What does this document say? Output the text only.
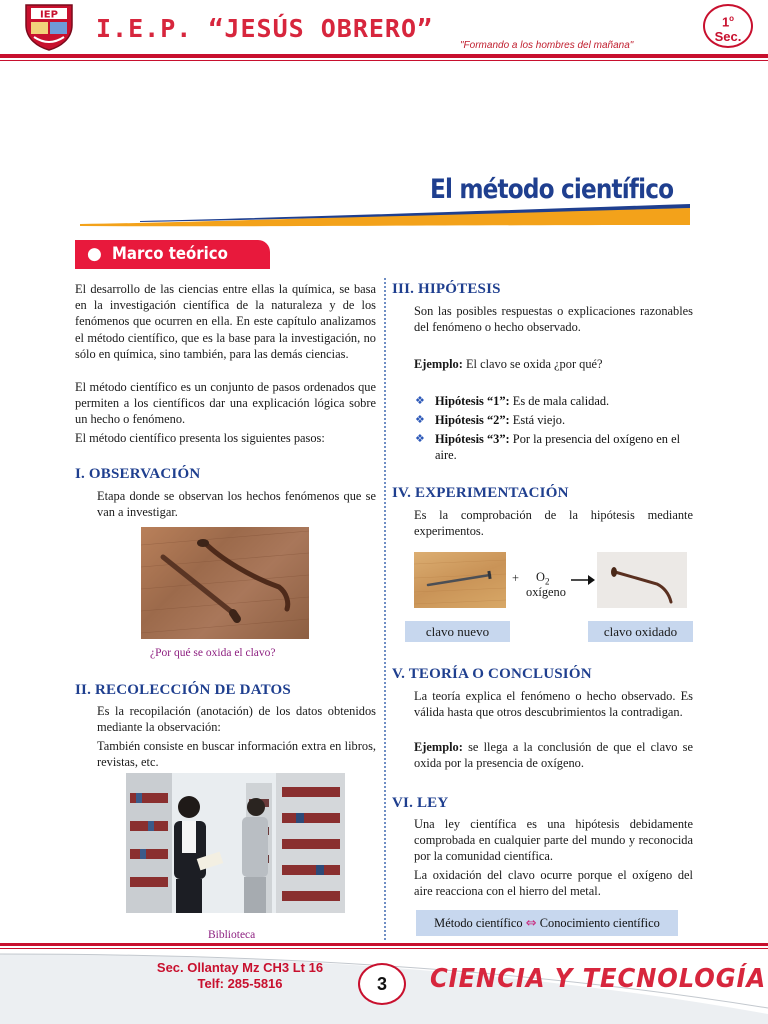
IEP I.E.P. “JESÚS OBRERO”
"Formando a los hombres del mañana"
1$^o$
Sec.
El método científico
● Marco teórico
El desarrollo de las ciencias entre ellas la química, se basa en la investigación científica de la naturaleza y de los fenómenos que ocurren en ella. En este capítulo analizamos el método científico, que es la base para la investigación, no sólo en química, sino también, para las demás ciencias.
El método científico es un conjunto de pasos ordenados que permiten a los científicos dar una explicación lógica sobre un hecho o fenómeno.
El método científico presenta los siguientes pasos:
I. OBSERVACIÓN
Etapa donde se observan los hechos fenómenos que se van a investigar.
¿Por qué se oxida el clavo?
II. RECOLECCIÓN DE DATOS
Es la recopilación (anotación) de los datos obtenidos mediante la observación:
También consiste en buscar información extra en libros, revistas, etc.
Biblioteca
III. HIPÓTESIS
Son las posibles respuestas o explicaciones razonables del fenómeno o hecho observado.
Ejemplo: El clavo se oxida ¿por qué?
❖ Hipótesis “1”: Es de mala calidad.
❖ Hipótesis “2”: Está viejo.
❖ Hipótesis “3”: Por la presencia del oxígeno en el aire.
IV. EXPERIMENTACIÓN
Es la comprobación de la hipótesis mediante experimentos.
+ $O_2$
oxígeno
clavo nuevo	clavo oxidado
V. TEORÍA O CONCLUSIÓN
La teoría explica el fenómeno o hecho observado. Es válida hasta que otros descubrimientos la contradigan.
Ejemplo: se llega a la conclusión de que el clavo se oxida por la presencia de oxígeno.
VI. LEY
Una ley científica es una hipótesis debidamente comprobada en cualquier parte del mundo y reconocida por la comunidad científica.
La oxidación del clavo ocurre porque el oxígeno del aire reacciona con el hierro del metal.
Método científico ⇔ Conocimiento científico
Sec. Ollantay Mz CH3 Lt 16
Telf: 285-5816	3	CIENCIA Y TECNOLOGÍA
